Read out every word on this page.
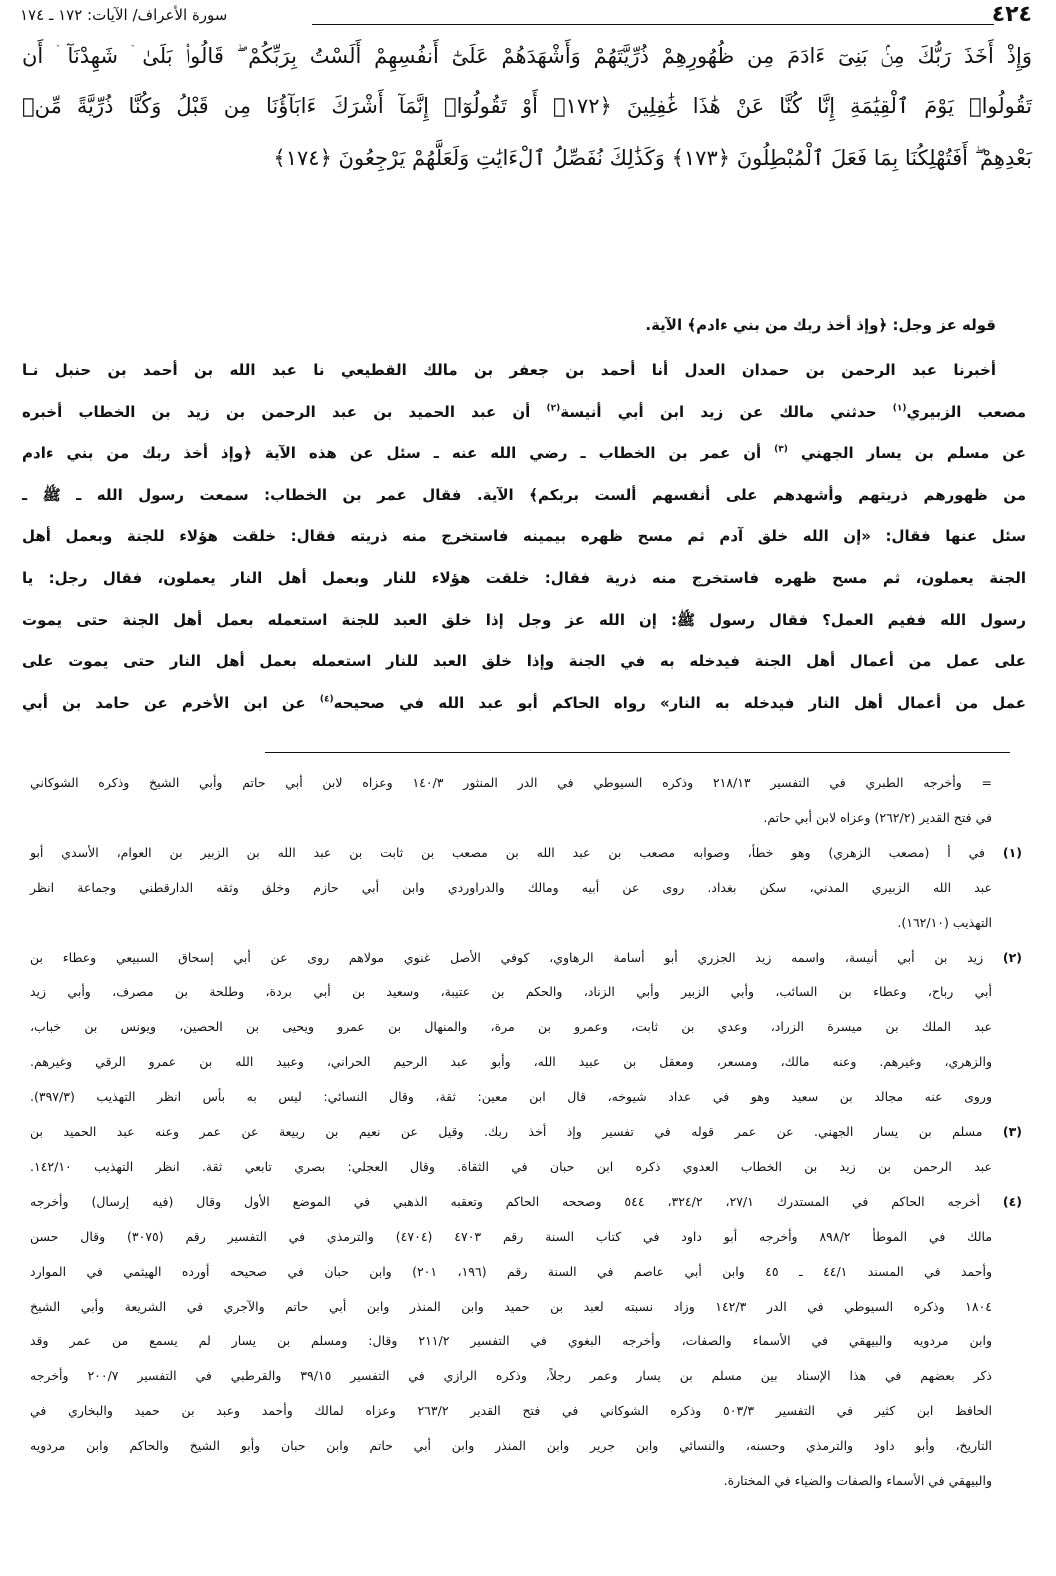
٤٢٤
سورة الأعراف/ الآيات: ١٧٢ ـ ١٧٤
وَإِذْ أَخَذَ رَبُّكَ مِنۢ بَنِىٓ ءَادَمَ مِن ظُهُورِهِمْ ذُرِّيَّتَهُمْ وَأَشْهَدَهُمْ عَلَىٰٓ أَنفُسِهِمْ أَلَسْتُ بِرَبِّكُمْ ۖ قَالُوا۟ بَلَىٰ ۛ شَهِدْنَآ ۛ أَن
تَقُولُوا۟ يَوْمَ ٱلْقِيَٰمَةِ إِنَّا كُنَّا عَنْ هَٰذَا غَٰفِلِينَ ﴿١٧٢﴾ أَوْ تَقُولُوٓا۟ إِنَّمَآ أَشْرَكَ ءَابَآؤُنَا مِن قَبْلُ وَكُنَّا ذُرِّيَّةً مِّنۢ
بَعْدِهِمْ ۖ أَفَتُهْلِكُنَا بِمَا فَعَلَ ٱلْمُبْطِلُونَ ﴿١٧٣﴾ وَكَذَٰلِكَ نُفَصِّلُ ٱلْءَايَٰتِ وَلَعَلَّهُمْ يَرْجِعُونَ ﴿١٧٤﴾
قوله عز وجل: ﴿وإذ أخذ ربك من بني ءادم﴾ الآية.
أخبرنا عبد الرحمن بن حمدان العدل أنا أحمد بن جعفر بن مالك القطيعي نا عبد الله بن أحمد بن حنبل نـا
مصعب الزبيري$^{(١)}$ حدثني مالك عن زيد ابن أبي أنيسة$^{(٢)}$ أن عبد الحميد بن عبد الرحمن بن زيد بن الخطاب أخبره
عن مسلم بن يسار الجهني $^{(٣)}$ أن عمر بن الخطاب ـ رضي الله عنه ـ سئل عن هذه الآية ﴿وإذ أخذ ربك من بني ءادم
من ظهورهم ذريتهم وأشهدهم على أنفسهم ألست بربكم﴾ الآية. فقال عمر بن الخطاب: سمعت رسول الله ـ ﷺ ـ
سئل عنها فقال: «إن الله خلق آدم ثم مسح ظهره بيمينه فاستخرج منه ذريته فقال: خلقت هؤلاء للجنة وبعمل أهل
الجنة يعملون، ثم مسح ظهره فاستخرج منه ذرية فقال: خلقت هؤلاء للنار وبعمل أهل النار يعملون، فقال رجل: يا
رسول الله ففيم العمل؟ فقال رسول ﷺ: إن الله عز وجل إذا خلق العبد للجنة استعمله بعمل أهل الجنة حتى يموت
على عمل من أعمال أهل الجنة فيدخله به في الجنة وإذا خلق العبد للنار استعمله بعمل أهل النار حتى يموت على
عمل من أعمال أهل النار فيدخله به النار» رواه الحاكم أبو عبد الله في صحيحه$^{(٤)}$ عن ابن الأخرم عن حامد بن أبي
= وأخرجه الطبري في التفسير ٢١٨/١٣ وذكره السيوطي في الدر المنثور ١٤٠/٣ وعزاه لابن أبي حاتم وأبي الشيخ وذكره الشوكاني
في فتح القدير (٢٦٢/٢) وعزاه لابن أبي حاتم.
(١) في أ (مصعب الزهري) وهو خطأ، وصوابه مصعب بن عبد الله بن مصعب بن ثابت بن عبد الله بن الزبير بن العوام، الأسدي أبو
عبد الله الزبيري المدني، سكن بغداد. روى عن أبيه ومالك والدراوردي وابن أبي حازم وخلق وثقه الدارقطني وجماعة انظر
التهذيب (١٦٢/١٠).
(٢) زيد بن أبي أنيسة، واسمه زيد الجزري أبو أسامة الرهاوي، كوفي الأصل غنوي مولاهم روى عن أبي إسحاق السبيعي وعطاء بن
أبي رباح، وعطاء بن السائب، وأبي الزبير وأبي الزناد، والحكم بن عتيبة، وسعيد بن أبي بردة، وطلحة بن مصرف، وأبي زيد
عبد الملك بن ميسرة الزراد، وعدي بن ثابت، وعمرو بن مرة، والمنهال بن عمرو ويحيى بن الحصين، ويونس بن خباب،
والزهري، وغيرهم. وعنه مالك، ومسعر، ومعقل بن عبيد الله، وأبو عبد الرحيم الحراني، وعبيد الله بن عمرو الرقي وغيرهم.
وروى عنه مجالد بن سعيد وهو في عداد شيوخه، قال ابن معين: ثقة، وقال النسائي: ليس به بأس انظر التهذيب (٣٩٧/٣).
(٣) مسلم بن يسار الجهني. عن عمر قوله في تفسير وإذ أخذ ربك. وقيل عن نعيم بن ربيعة عن عمر وعنه عبد الحميد بن
عبد الرحمن بن زيد بن الخطاب العدوي ذكره ابن حبان في الثقاة. وقال العجلي: بصري تابعي ثقة. انظر التهذيب ١٤٢/١٠.
(٤) أخرجه الحاكم في المستدرك ٢٧/١، ٣٢٤/٢، ٥٤٤ وصححه الحاكم وتعقبه الذهبي في الموضع الأول وقال (فيه إرسال) وأخرجه
مالك في الموطأ ٨٩٨/٢ وأخرجه أبو داود في كتاب السنة رقم ٤٧٠٣ (٤٧٠٤) والترمذي في التفسير رقم (٣٠٧٥) وقال حسن
وأحمد في المسند ٤٤/١ ـ ٤٥ وابن أبي عاصم في السنة رقم (١٩٦، ٢٠١) وابن حبان في صحيحه أورده الهيثمي في الموارد
١٨٠٤ وذكره السيوطي في الدر ١٤٢/٣ وزاد نسبته لعبد بن حميد وابن المنذر وابن أبي حاتم والآجري في الشريعة وأبي الشيخ
وابن مردويه والبيهقي في الأسماء والصفات، وأخرجه البغوي في التفسير ٢١١/٢ وقال: ومسلم بن يسار لم يسمع من عمر وقد
ذكر بعضهم في هذا الإسناد بين مسلم بن يسار وعمر رجلاً، وذكره الرازي في التفسير ٣٩/١٥ والقرطبي في التفسير ٢٠٠/٧ وأخرجه
الحافظ ابن كثير في التفسير ٥٠٣/٣ وذكره الشوكاني في فتح القدير ٢٦٣/٢ وعزاه لمالك وأحمد وعبد بن حميد والبخاري في
التاريخ، وأبو داود والترمذي وحسنه، والنسائي وابن جرير وابن المنذر وابن أبي حاتم وابن حبان وأبو الشيخ والحاكم وابن مردويه
والبيهقي في الأسماء والصفات والضياء في المختارة.
